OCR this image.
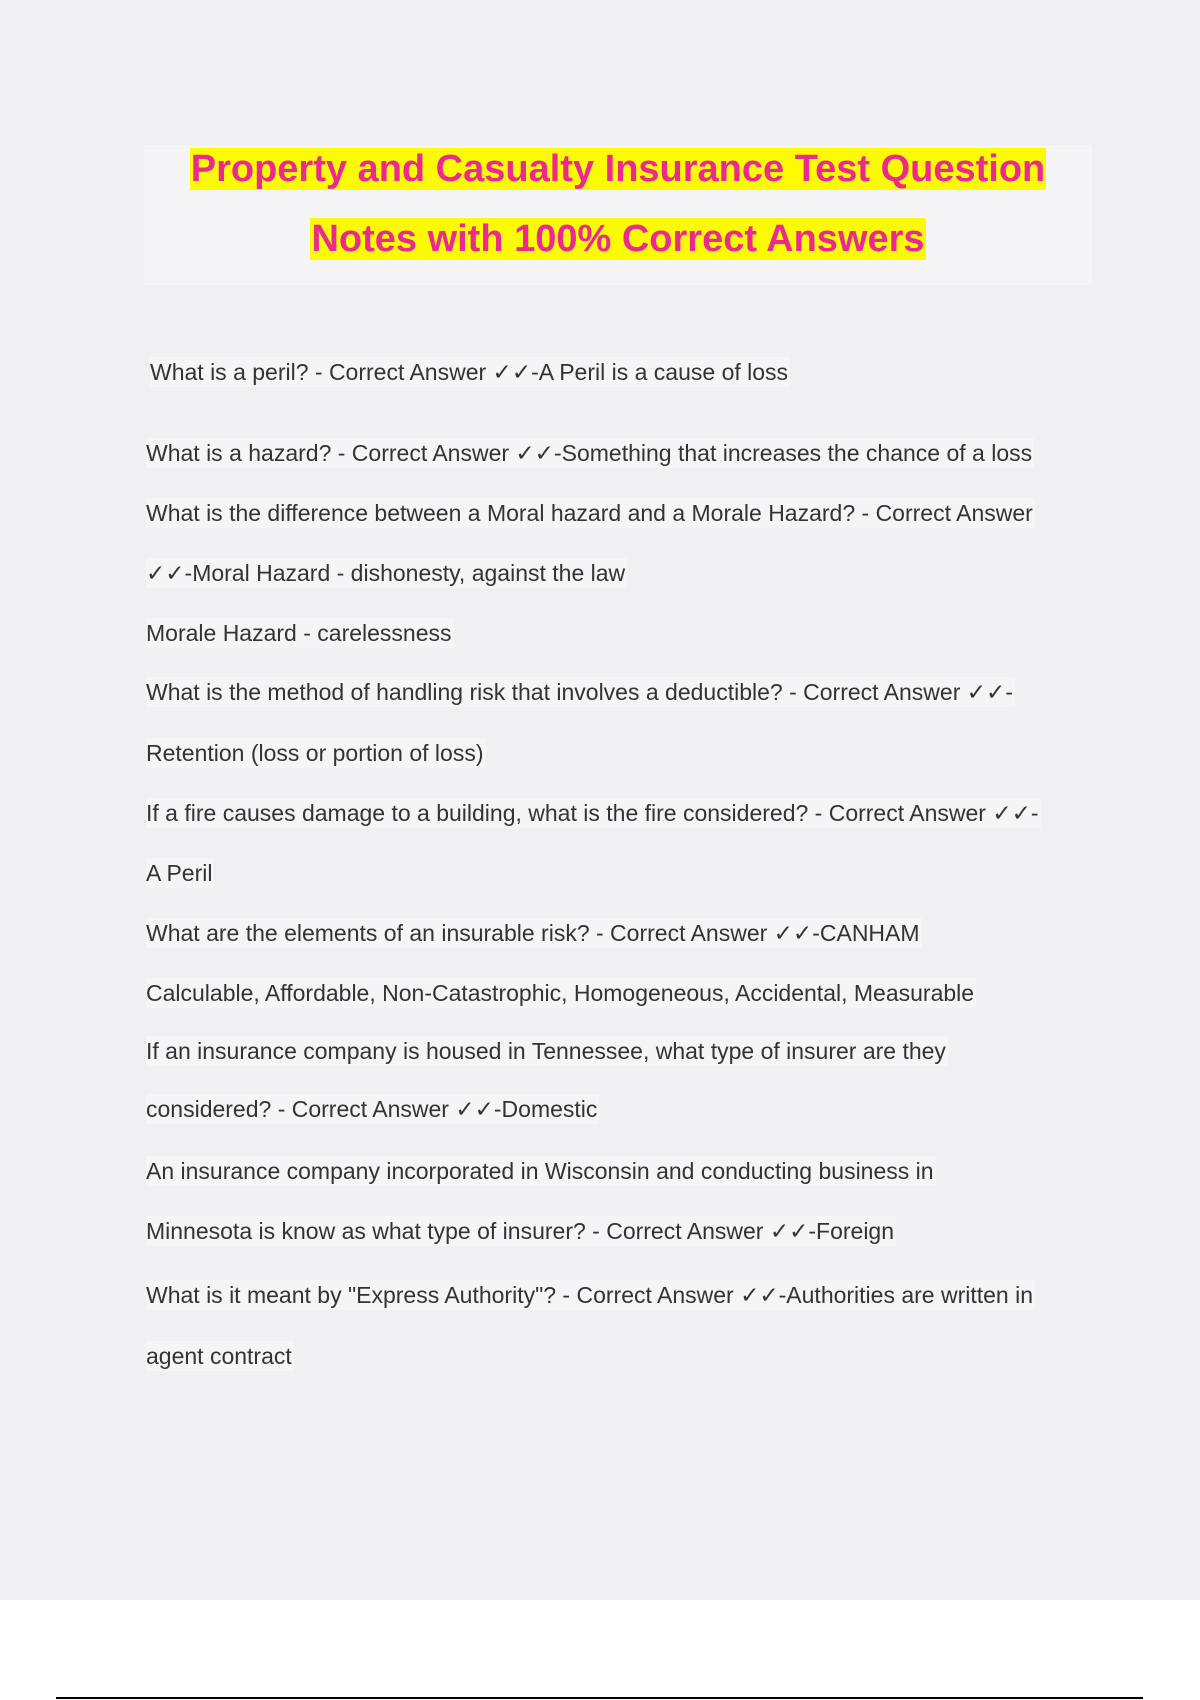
Property and Casualty Insurance Test Question
Notes with 100% Correct Answers
What is a peril? - Correct Answer ✓✓-A Peril is a cause of loss
What is a hazard? - Correct Answer ✓✓-Something that increases the chance of a loss
What is the difference between a Moral hazard and a Morale Hazard? - Correct Answer
✓✓-Moral Hazard - dishonesty, against the law
Morale Hazard - carelessness
What is the method of handling risk that involves a deductible? - Correct Answer ✓✓-
Retention (loss or portion of loss)
If a fire causes damage to a building, what is the fire considered? - Correct Answer ✓✓-
A Peril
What are the elements of an insurable risk? - Correct Answer ✓✓-CANHAM
Calculable, Affordable, Non-Catastrophic, Homogeneous, Accidental, Measurable
If an insurance company is housed in Tennessee, what type of insurer are they
considered? - Correct Answer ✓✓-Domestic
An insurance company incorporated in Wisconsin and conducting business in
Minnesota is know as what type of insurer? - Correct Answer ✓✓-Foreign
What is it meant by "Express Authority"? - Correct Answer ✓✓-Authorities are written in
agent contract
